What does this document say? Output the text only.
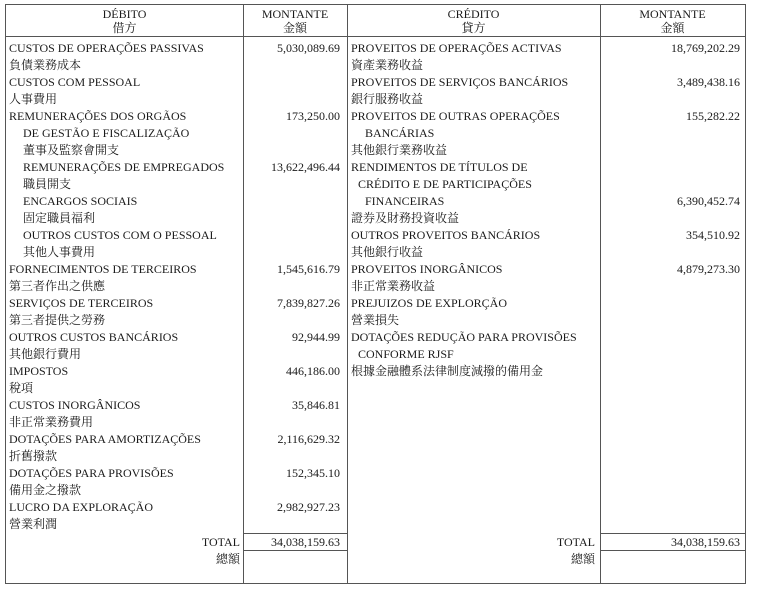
DÉBITO
借方
MONTANTE
金額
CRÉDITO
貸方
MONTANTE
金額
CUSTOS DE OPERAÇÕES PASSIVAS
負債業務成本
5,030,089.69
CUSTOS COM PESSOAL
人事費用
REMUNERAÇÕES DOS ORGÃOS
DE GESTÃO E FISCALIZAÇÃO
董事及監察會開支
173,250.00
REMUNERAÇÕES DE EMPREGADOS
職員開支
13,622,496.44
ENCARGOS SOCIAIS
固定職員福利
OUTROS CUSTOS COM O PESSOAL
其他人事費用
FORNECIMENTOS DE TERCEIROS
第三者作出之供應
1,545,616.79
SERVIÇOS DE TERCEIROS
第三者提供之勞務
7,839,827.26
OUTROS CUSTOS BANCÁRIOS
其他銀行費用
92,944.99
IMPOSTOS
稅項
446,186.00
CUSTOS INORGÂNICOS
非正常業務費用
35,846.81
DOTAÇÕES PARA AMORTIZAÇÕES
折舊撥款
2,116,629.32
DOTAÇÕES PARA PROVISÕES
備用金之撥款
152,345.10
LUCRO DA EXPLORAÇÃO
營業利潤
2,982,927.23
PROVEITOS DE OPERAÇÕES ACTIVAS
資產業務收益
18,769,202.29
PROVEITOS DE SERVIÇOS BANCÁRIOS
銀行服務收益
3,489,438.16
PROVEITOS DE OUTRAS OPERAÇÕES
BANCÁRIAS
其他銀行業務收益
155,282.22
RENDIMENTOS DE TÍTULOS DE
CRÉDITO E DE PARTICIPAÇÕES
FINANCEIRAS
證券及財務投資收益
6,390,452.74
OUTROS PROVEITOS BANCÁRIOS
其他銀行收益
354,510.92
PROVEITOS INORGÂNICOS
非正常業務收益
4,879,273.30
PREJUIZOS DE EXPLORÇÃO
營業損失
DOTAÇÕES REDUÇÃO PARA PROVISÕES
CONFORME RJSF
根據金融體系法律制度減撥的備用金
TOTAL
總額
34,038,159.63	TOTAL
總額
34,038,159.63
